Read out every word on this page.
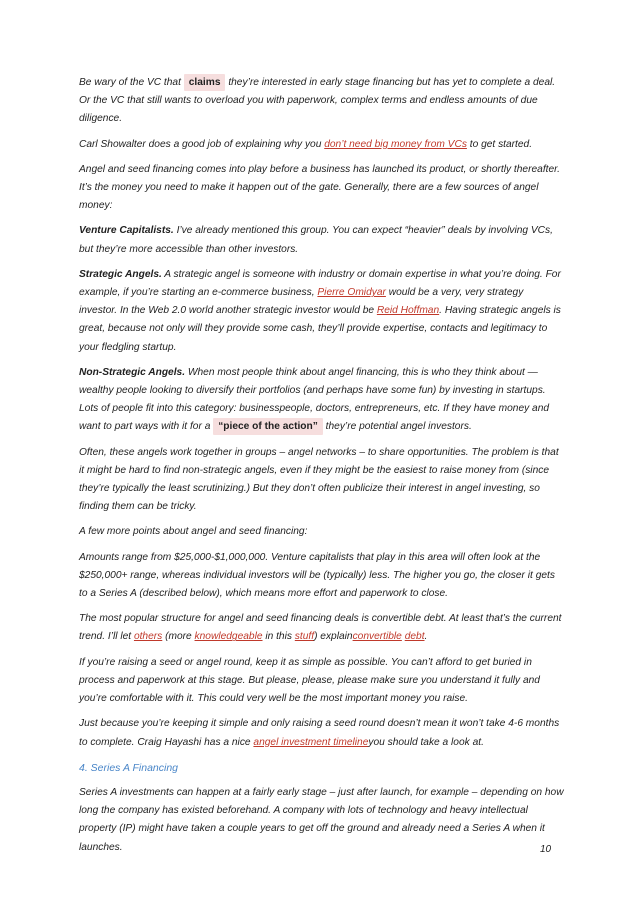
Be wary of the VC that claims they’re interested in early stage financing but has yet to complete a deal. Or the VC that still wants to overload you with paperwork, complex terms and endless amounts of due diligence.

Carl Showalter does a good job of explaining why you don’t need big money from VCs to get started.

Angel and seed financing comes into play before a business has launched its product, or shortly thereafter. It’s the money you need to make it happen out of the gate. Generally, there are a few sources of angel money:

Venture Capitalists. I’ve already mentioned this group. You can expect “heavier” deals by involving VCs, but they’re more accessible than other investors.

Strategic Angels. A strategic angel is someone with industry or domain expertise in what you’re doing. For example, if you’re starting an e-commerce business, Pierre Omidyar would be a very, very strategy investor. In the Web 2.0 world another strategic investor would be Reid Hoffman. Having strategic angels is great, because not only will they provide some cash, they’ll provide expertise, contacts and legitimacy to your fledgling startup.

Non-Strategic Angels. When most people think about angel financing, this is who they think about — wealthy people looking to diversify their portfolios (and perhaps have some fun) by investing in startups. Lots of people fit into this category: businesspeople, doctors, entrepreneurs, etc. If they have money and want to part ways with it for a “piece of the action” they’re potential angel investors.

Often, these angels work together in groups – angel networks – to share opportunities. The problem is that it might be hard to find non-strategic angels, even if they might be the easiest to raise money from (since they’re typically the least scrutinizing.) But they don’t often publicize their interest in angel investing, so finding them can be tricky.

A few more points about angel and seed financing:

Amounts range from $25,000-$1,000,000. Venture capitalists that play in this area will often look at the $250,000+ range, whereas individual investors will be (typically) less. The higher you go, the closer it gets to a Series A (described below), which means more effort and paperwork to close.

The most popular structure for angel and seed financing deals is convertible debt. At least that’s the current trend. I’ll let others (more knowledgeable in this stuff) explainconvertible debt.

If you’re raising a seed or angel round, keep it as simple as possible. You can’t afford to get buried in process and paperwork at this stage. But please, please, please make sure you understand it fully and you’re comfortable with it. This could very well be the most important money you raise.

Just because you’re keeping it simple and only raising a seed round doesn’t mean it won’t take 4-6 months to complete. Craig Hayashi has a nice angel investment timelineyou should take a look at.

4. Series A Financing

Series A investments can happen at a fairly early stage – just after launch, for example – depending on how long the company has existed beforehand. A company with lots of technology and heavy intellectual property (IP) might have taken a couple years to get off the ground and already need a Series A when it launches.	10
